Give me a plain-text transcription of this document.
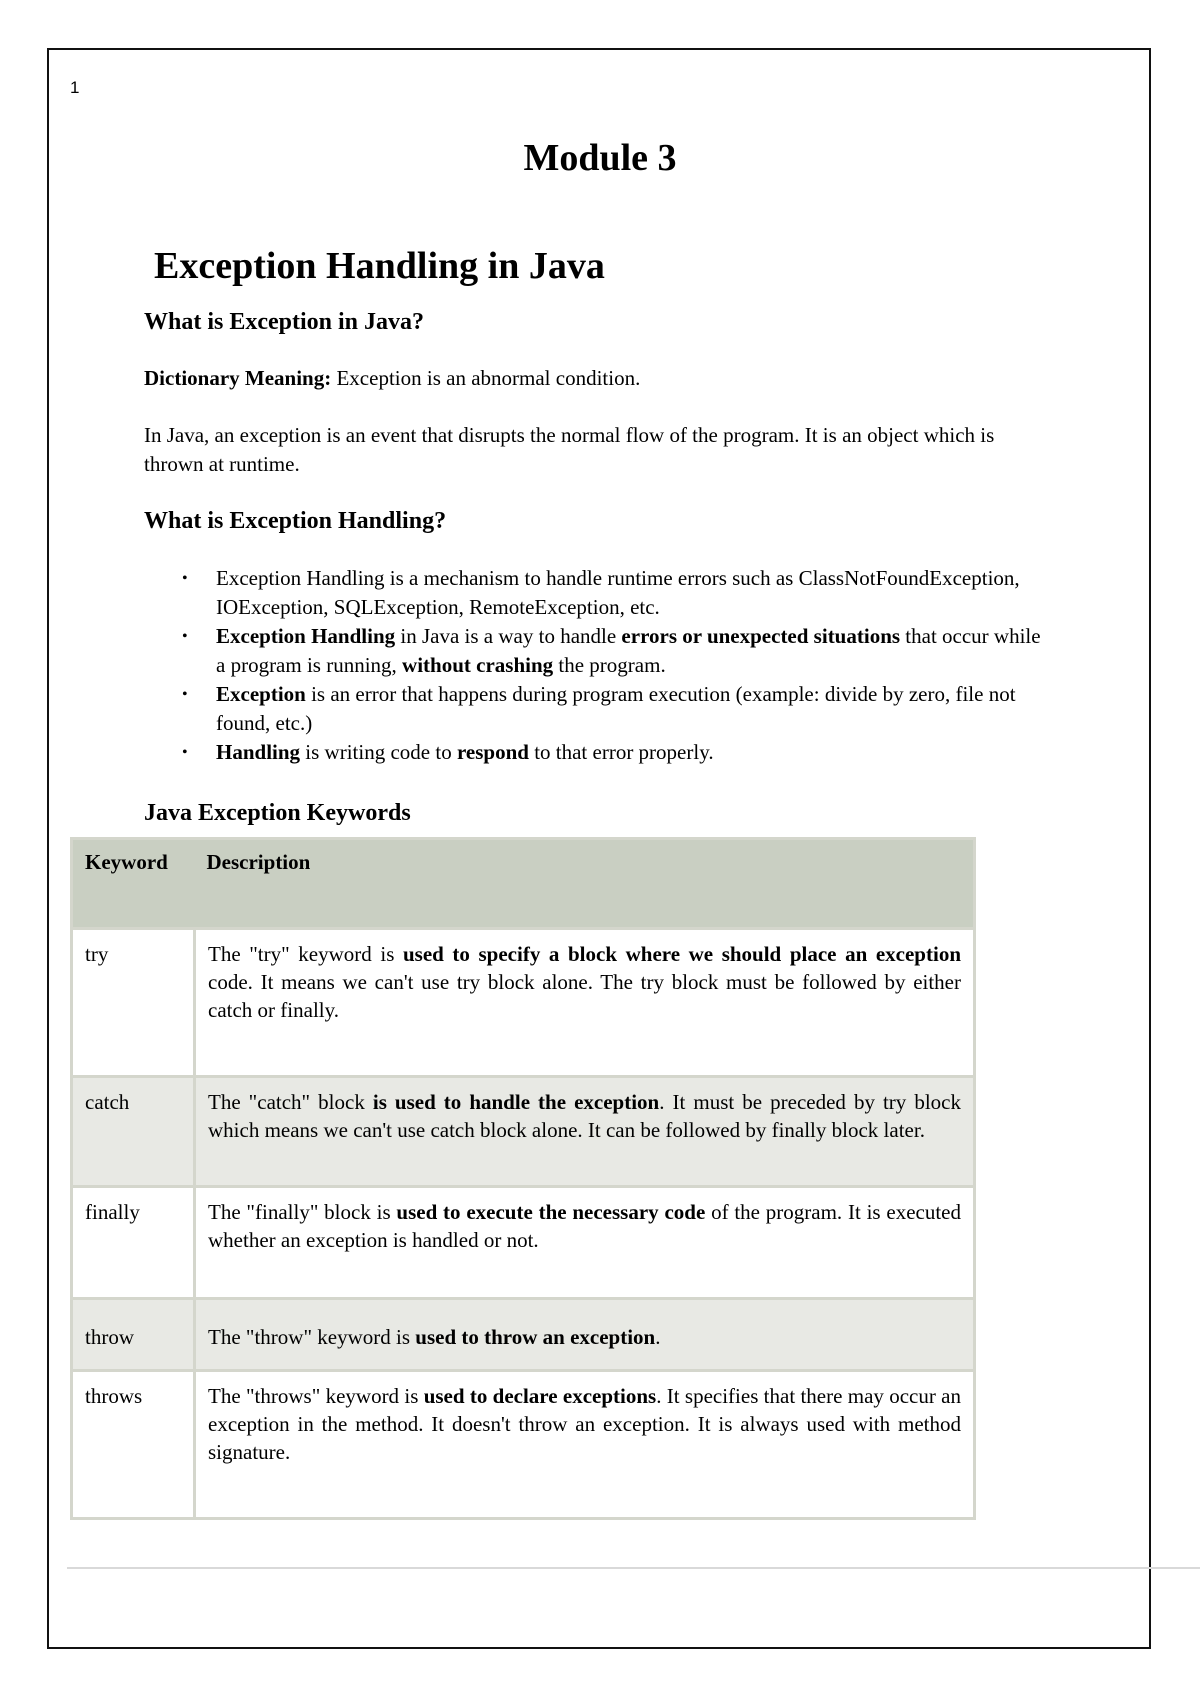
1
Module 3
Exception Handling in Java
What is Exception in Java?
Dictionary Meaning: Exception is an abnormal condition.
In Java, an exception is an event that disrupts the normal flow of the program. It is an object which is thrown at runtime.
What is Exception Handling?
• Exception Handling is a mechanism to handle runtime errors such as ClassNotFoundException, IOException, SQLException, RemoteException, etc.
• Exception Handling in Java is a way to handle errors or unexpected situations that occur while a program is running, without crashing the program.
• Exception is an error that happens during program execution (example: divide by zero, file not found, etc.)
• Handling is writing code to respond to that error properly.
Java Exception Keywords
Keyword	Description
try	The "try" keyword is used to specify a block where we should place an exception code. It means we can't use try block alone. The try block must be followed by either catch or finally.
catch	The "catch" block is used to handle the exception. It must be preceded by try block which means we can't use catch block alone. It can be followed by finally block later.
finally	The "finally" block is used to execute the necessary code of the program. It is executed whether an exception is handled or not.
throw	The "throw" keyword is used to throw an exception.
throws	The "throws" keyword is used to declare exceptions. It specifies that there may occur an exception in the method. It doesn't throw an exception. It is always used with method signature.
